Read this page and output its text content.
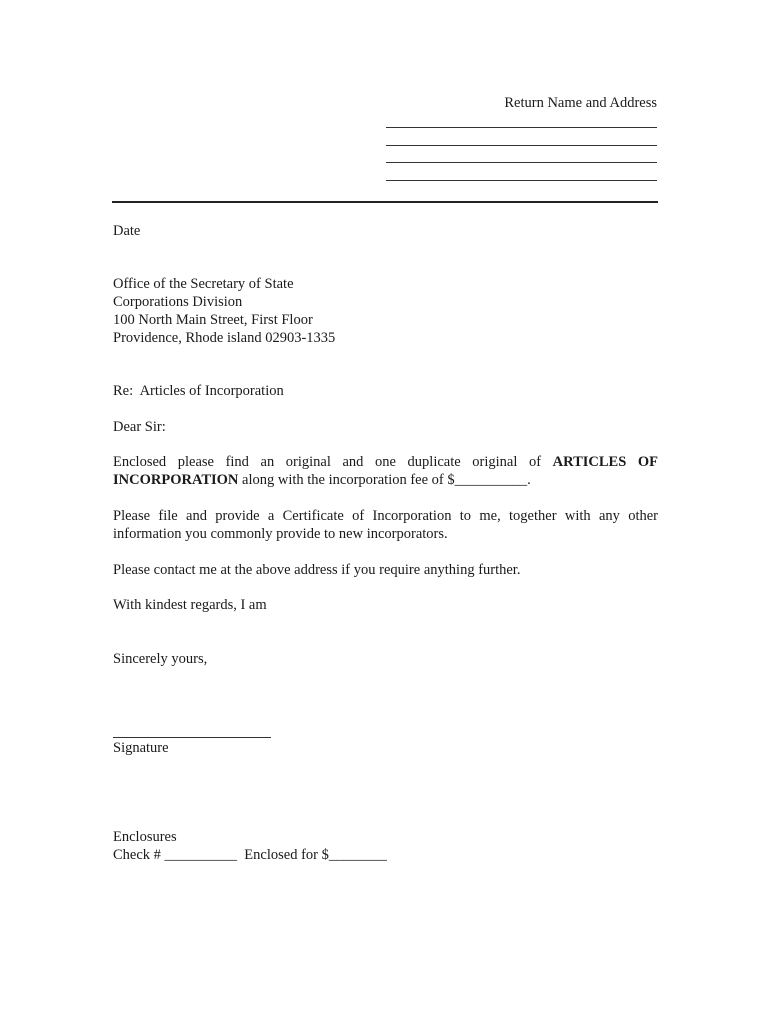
Return Name and Address
Date
Office of the Secretary of State
Corporations Division
100 North Main Street, First Floor
Providence, Rhode island 02903-1335
Re:  Articles of Incorporation
Dear Sir:
Enclosed please find an original and one duplicate original of ARTICLES OF INCORPORATION along with the incorporation fee of $__________.
Please file and provide a Certificate of Incorporation to me, together with any other information you commonly provide to new incorporators.
Please contact me at the above address if you require anything further.
With kindest regards, I am
Sincerely yours,
Signature
Enclosures
Check # __________  Enclosed for $________
